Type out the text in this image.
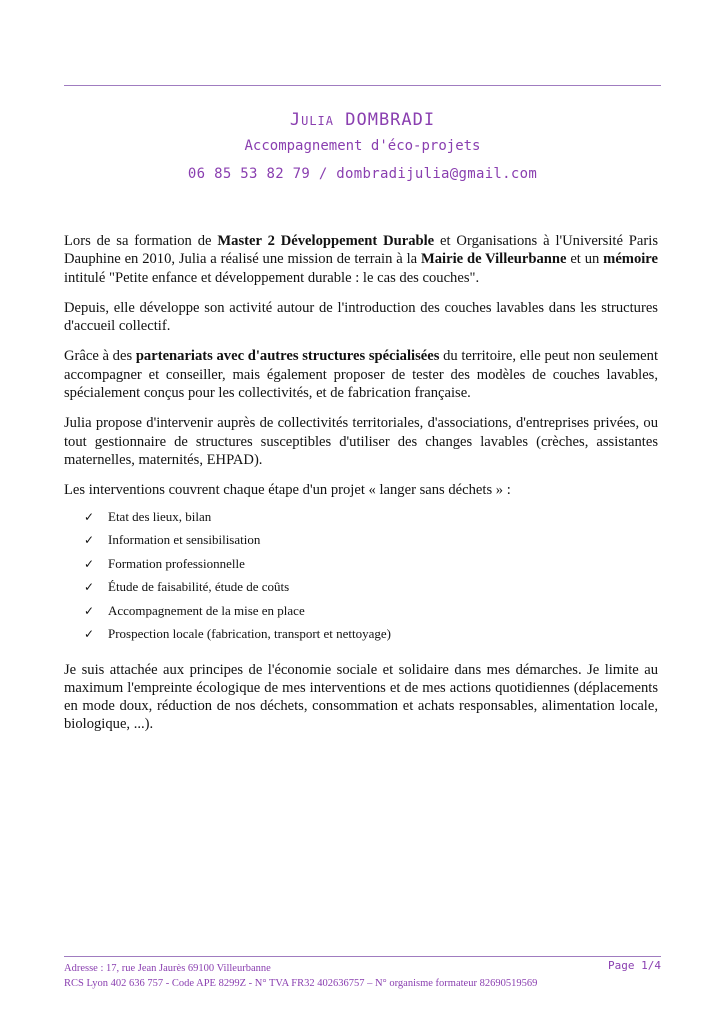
Julia DOMBRADI
Accompagnement d'éco-projets
06 85 53 82 79 / dombradijulia@gmail.com

Lors de sa formation de Master 2 Développement Durable et Organisations à l'Université Paris Dauphine en 2010, Julia a réalisé une mission de terrain à la Mairie de Villeurbanne et un mémoire intitulé "Petite enfance et développement durable : le cas des couches".

Depuis, elle développe son activité autour de l'introduction des couches lavables dans les structures d'accueil collectif.

Grâce à des partenariats avec d'autres structures spécialisées du territoire, elle peut non seulement accompagner et conseiller, mais également proposer de tester des modèles de couches lavables, spécialement conçus pour les collectivités, et de fabrication française.

Julia propose d'intervenir auprès de collectivités territoriales, d'associations, d'entreprises privées, ou tout gestionnaire de structures susceptibles d'utiliser des changes lavables (crèches, assistantes maternelles, maternités, EHPAD).

Les interventions couvrent chaque étape d'un projet « langer sans déchets » :

✓ Etat des lieux, bilan
✓ Information et sensibilisation
✓ Formation professionnelle
✓ Étude de faisabilité, étude de coûts
✓ Accompagnement de la mise en place
✓ Prospection locale (fabrication, transport et nettoyage)

Je suis attachée aux principes de l'économie sociale et solidaire dans mes démarches. Je limite au maximum l'empreinte écologique de mes interventions et de mes actions quotidiennes (déplacements en mode doux, réduction de nos déchets, consommation et achats responsables, alimentation locale, biologique, ...).

Adresse : 17, rue Jean Jaurès 69100 Villeurbanne
RCS Lyon 402 636 757 - Code APE 8299Z - N° TVA FR32 402636757 – N° organisme formateur 82690519569
Page 1/4
